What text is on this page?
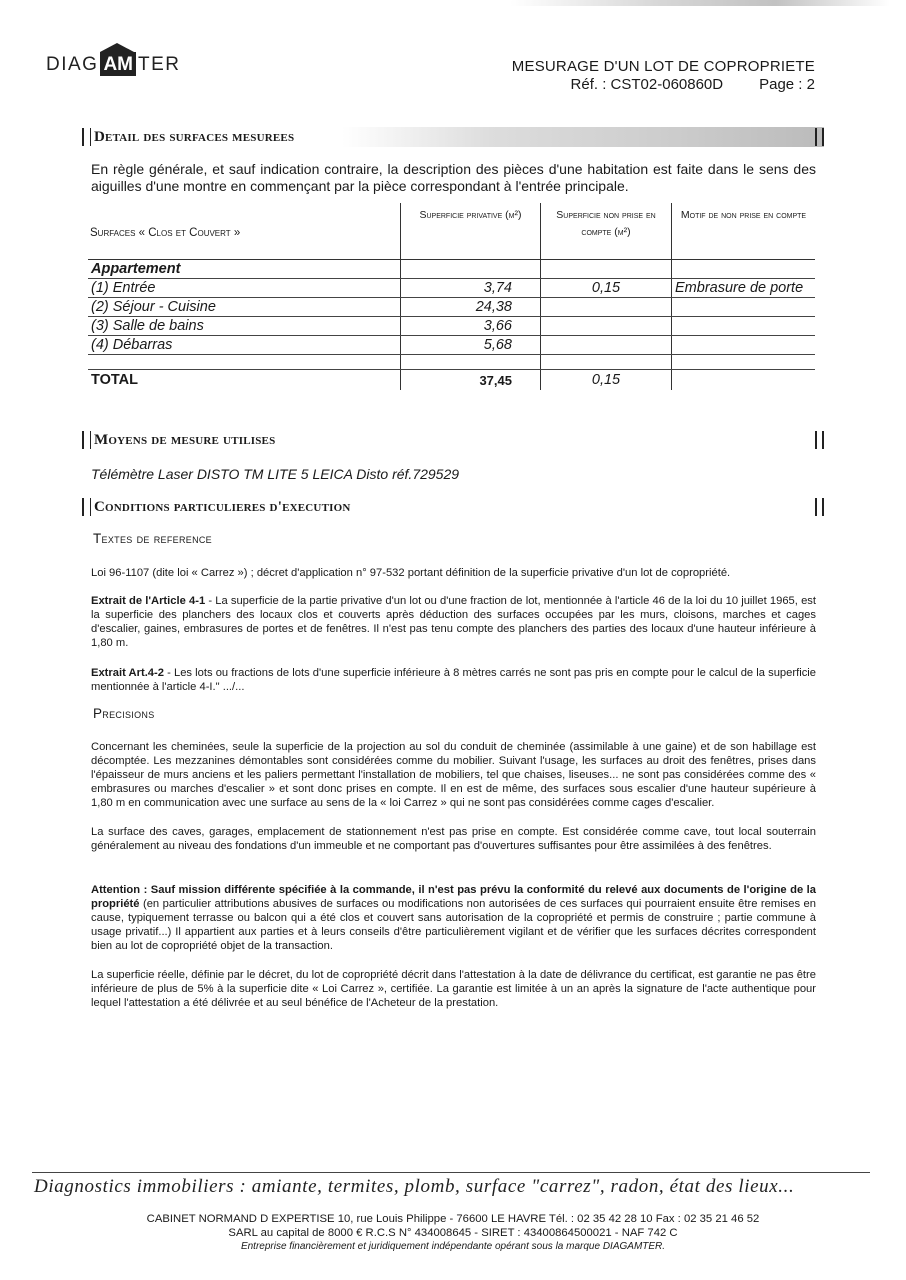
DIAG AM TER	MESURAGE D'UN LOT DE COPROPRIETE
Réf. : CST02-060860D Page : 2
Detail des surfaces mesurees
En règle générale, et sauf indication contraire, la description des pièces d'une habitation est faite dans le sens des aiguilles d'une montre en commençant par la pièce correspondant à l'entrée principale.
Surfaces « Clos et Couvert »	Superficie privative (m²)	Superficie non prise en compte (m²)	Motif de non prise en compte
Appartement			
(1) Entrée	3,74	0,15	Embrasure de porte
(2) Séjour - Cuisine	24,38		
(3) Salle de bains	3,66		
(4) Débarras	5,68		

TOTAL	37,45	0,15	
Moyens de mesure utilises
Télémètre Laser DISTO TM LITE 5 LEICA Disto réf.729529
Conditions particulieres d'execution
Textes de reference
Loi 96-1107 (dite loi « Carrez ») ; décret d'application n° 97-532 portant définition de la superficie privative d'un lot de copropriété.
Extrait de l'Article 4-1 - La superficie de la partie privative d'un lot ou d'une fraction de lot, mentionnée à l'article 46 de la loi du 10 juillet 1965, est la superficie des planchers des locaux clos et couverts après déduction des surfaces occupées par les murs, cloisons, marches et cages d'escalier, gaines, embrasures de portes et de fenêtres. Il n'est pas tenu compte des planchers des parties des locaux d'une hauteur inférieure à 1,80 m.
Extrait Art.4-2 - Les lots ou fractions de lots d'une superficie inférieure à 8 mètres carrés ne sont pas pris en compte pour le calcul de la superficie mentionnée à l'article 4-I." .../...
Precisions
Concernant les cheminées, seule la superficie de la projection au sol du conduit de cheminée (assimilable à une gaine) et de son habillage est décomptée. Les mezzanines démontables sont considérées comme du mobilier. Suivant l'usage, les surfaces au droit des fenêtres, prises dans l'épaisseur de murs anciens et les paliers permettant l'installation de mobiliers, tel que chaises, liseuses... ne sont pas considérées comme des « embrasures ou marches d'escalier » et sont donc prises en compte. Il en est de même, des surfaces sous escalier d'une hauteur supérieure à 1,80 m en communication avec une surface au sens de la « loi Carrez » qui ne sont pas considérées comme cages d'escalier.
La surface des caves, garages, emplacement de stationnement n'est pas prise en compte. Est considérée comme cave, tout local souterrain généralement au niveau des fondations d'un immeuble et ne comportant pas d'ouvertures suffisantes pour être assimilées à des fenêtres.
Attention : Sauf mission différente spécifiée à la commande, il n'est pas prévu la conformité du relevé aux documents de l'origine de la propriété (en particulier attributions abusives de surfaces ou modifications non autorisées de ces surfaces qui pourraient ensuite être remises en cause, typiquement terrasse ou balcon qui a été clos et couvert sans autorisation de la copropriété et permis de construire ; partie commune à usage privatif...) Il appartient aux parties et à leurs conseils d'être particulièrement vigilant et de vérifier que les surfaces décrites correspondent bien au lot de copropriété objet de la transaction.
La superficie réelle, définie par le décret, du lot de copropriété décrit dans l'attestation à la date de délivrance du certificat, est garantie ne pas être inférieure de plus de 5% à la superficie dite « Loi Carrez », certifiée. La garantie est limitée à un an après la signature de l'acte authentique pour lequel l'attestation a été délivrée et au seul bénéfice de l'Acheteur de la prestation.
Diagnostics immobiliers : amiante, termites, plomb, surface "carrez", radon, état des lieux...
CABINET NORMAND D EXPERTISE 10, rue Louis Philippe - 76600 LE HAVRE Tél. : 02 35 42 28 10 Fax : 02 35 21 46 52
SARL au capital de 8000 € R.C.S N° 434008645 - SIRET : 43400864500021 - NAF 742 C
Entreprise financièrement et juridiquement indépendante opérant sous la marque DIAGAMTER.
